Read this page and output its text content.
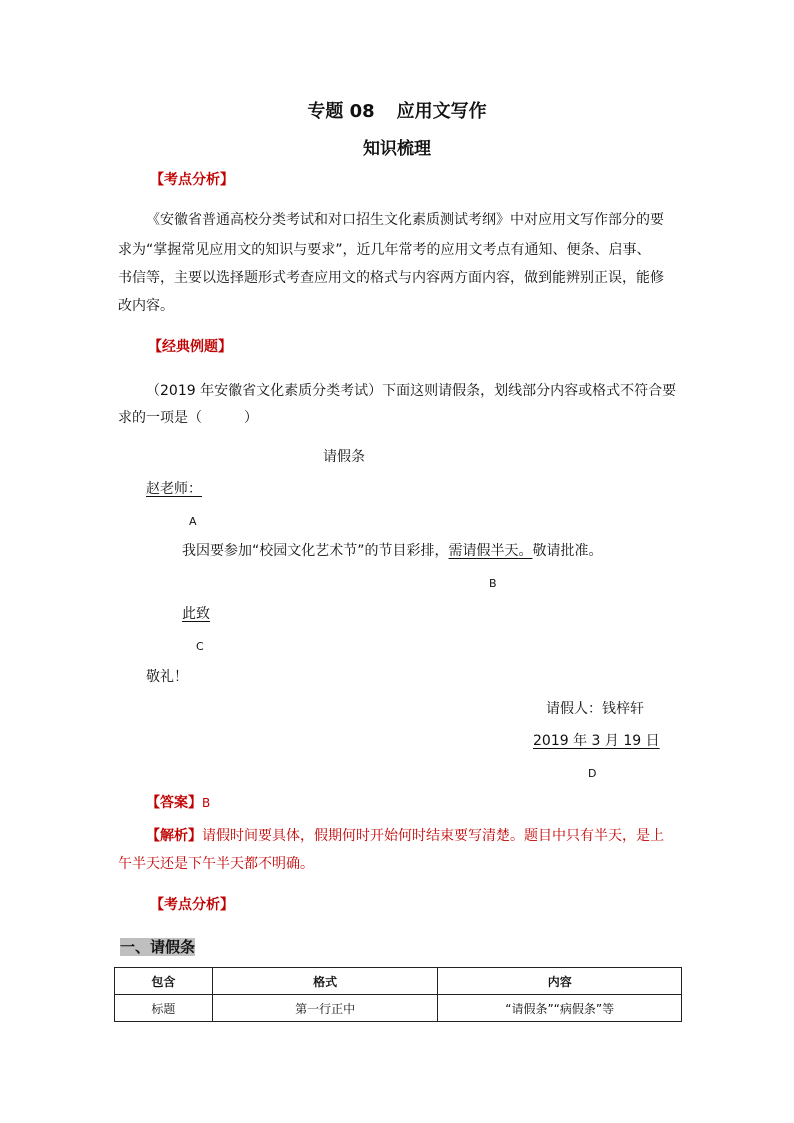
专题 08 应用文写作
知识梳理
【考点分析】
《安徽省普通高校分类考试和对口招生文化素质测试考纲》中对应用文写作部分的要
求为“掌握常见应用文的知识与要求”，近几年常考的应用文考点有通知、便条、启事、
书信等，主要以选择题形式考查应用文的格式与内容两方面内容，做到能辨别正误，能修
改内容。
【经典例题】
（2019 年安徽省文化素质分类考试）下面这则请假条，划线部分内容或格式不符合要
求的一项是（　　　）
请假条
赵老师：
A
我因要参加“校园文化艺术节”的节目彩排，需请假半天。敬请批准。
B
此致
C
敬礼！
请假人：钱梓轩
2019 年 3 月 19 日
D
【答案】B
【解析】请假时间要具体，假期何时开始何时结束要写清楚。题目中只有半天，是上
午半天还是下午半天都不明确。
【考点分析】
一、请假条
包含	格式	内容
标题	第一行正中	“请假条”“病假条”等
